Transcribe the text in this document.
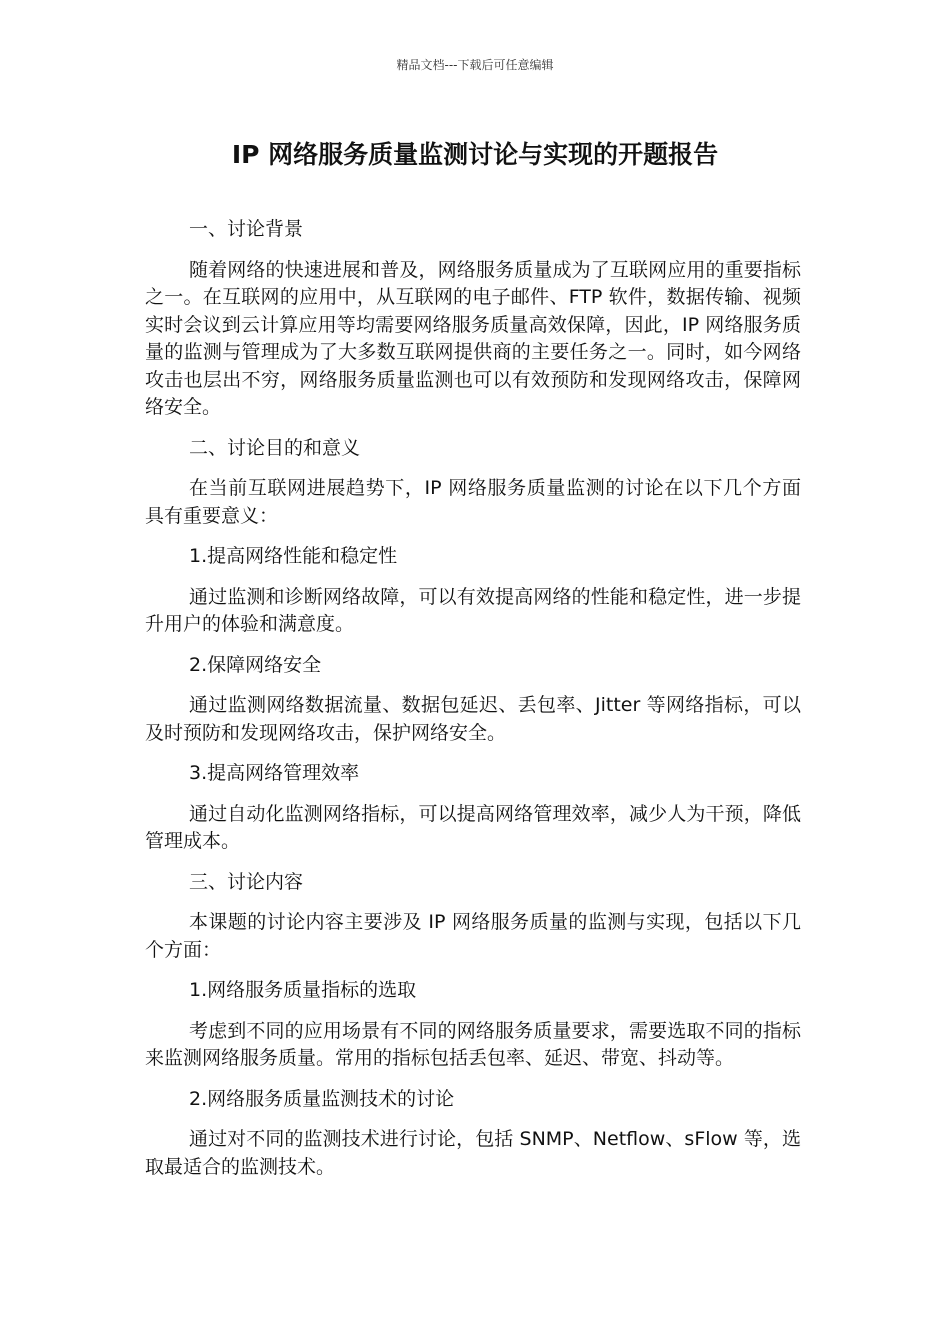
精品文档---下载后可任意编辑
IP 网络服务质量监测讨论与实现的开题报告

一、讨论背景

随着网络的快速进展和普及，网络服务质量成为了互联网应用的重要指标之一。在互联网的应用中，从互联网的电子邮件、FTP 软件，数据传输、视频实时会议到云计算应用等均需要网络服务质量高效保障，因此，IP 网络服务质量的监测与管理成为了大多数互联网提供商的主要任务之一。同时，如今网络攻击也层出不穷，网络服务质量监测也可以有效预防和发现网络攻击，保障网络安全。

二、讨论目的和意义

在当前互联网进展趋势下，IP 网络服务质量监测的讨论在以下几个方面具有重要意义：

1.提高网络性能和稳定性

通过监测和诊断网络故障，可以有效提高网络的性能和稳定性，进一步提升用户的体验和满意度。

2.保障网络安全

通过监测网络数据流量、数据包延迟、丢包率、Jitter 等网络指标，可以及时预防和发现网络攻击，保护网络安全。

3.提高网络管理效率

通过自动化监测网络指标，可以提高网络管理效率，减少人为干预，降低管理成本。

三、讨论内容

本课题的讨论内容主要涉及 IP 网络服务质量的监测与实现，包括以下几个方面：

1.网络服务质量指标的选取

考虑到不同的应用场景有不同的网络服务质量要求，需要选取不同的指标来监测网络服务质量。常用的指标包括丢包率、延迟、带宽、抖动等。

2.网络服务质量监测技术的讨论

通过对不同的监测技术进行讨论，包括 SNMP、Netflow、sFlow 等，选取最适合的监测技术。
